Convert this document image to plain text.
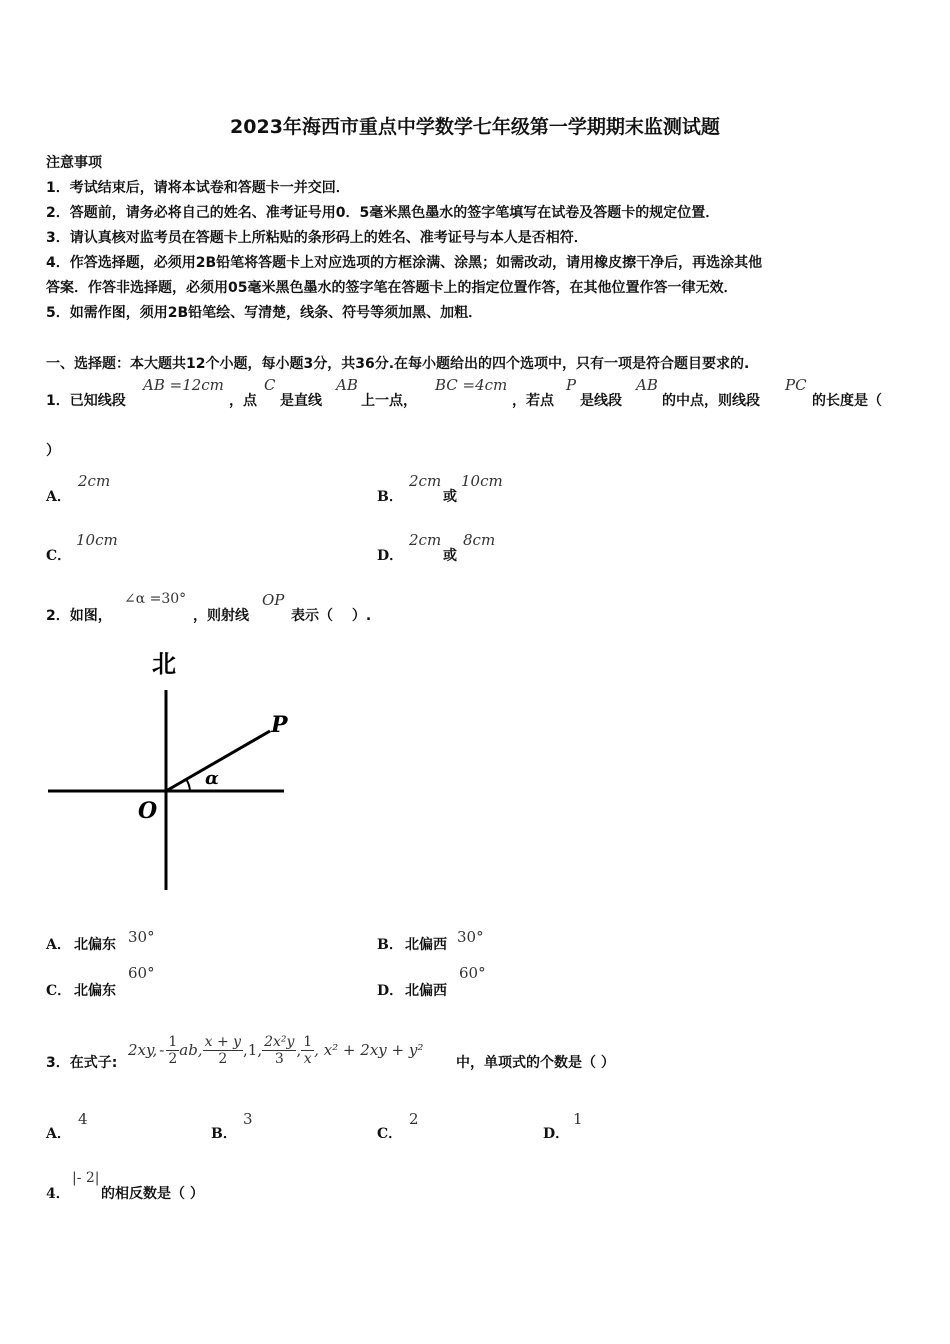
2023年海西市重点中学数学七年级第一学期期末监测试题
注意事项
1．考试结束后，请将本试卷和答题卡一并交回．
2．答题前，请务必将自己的姓名、准考证号用0．5毫米黑色墨水的签字笔填写在试卷及答题卡的规定位置．
3．请认真核对监考员在答题卡上所粘贴的条形码上的姓名、准考证号与本人是否相符．
4．作答选择题，必须用2B铅笔将答题卡上对应选项的方框涂满、涂黑；如需改动，请用橡皮擦干净后，再选涂其他
答案．作答非选择题，必须用05毫米黑色墨水的签字笔在答题卡上的指定位置作答，在其他位置作答一律无效．
5．如需作图，须用2B铅笔绘、写清楚，线条、符号等须加黑、加粗．
一、选择题：本大题共12个小题，每小题3分，共36分.在每小题给出的四个选项中，只有一项是符合题目要求的.
1．已知线段
AB =12cm
，点
C
是直线
AB
上一点，
BC =4cm
，若点
P
是线段
AB
的中点，则线段
PC
的长度是（
）
A．
2cm
B．
2cm
或
10cm
C．
10cm
D．
2cm
或
8cm
2．如图，
∠α =30°
，则射线
OP
表示（　 ）.
北
O
P
α
A． 北偏东 30°	B． 北偏西 30°
C． 北偏东
60°
D． 北偏西
60°
3．在式子:
2xy, - $\frac{1}{2}$ ab, $\frac{x + y}{2} ,1$, $\frac{\text{2x²y}}{3}$ , $\frac{1}{x}$ , x² + 2xy + y²
中，单项式的个数是（ ）
A．
4
B．
3
C．
2
D．
1
4．
|- 2|
的相反数是（ ）
